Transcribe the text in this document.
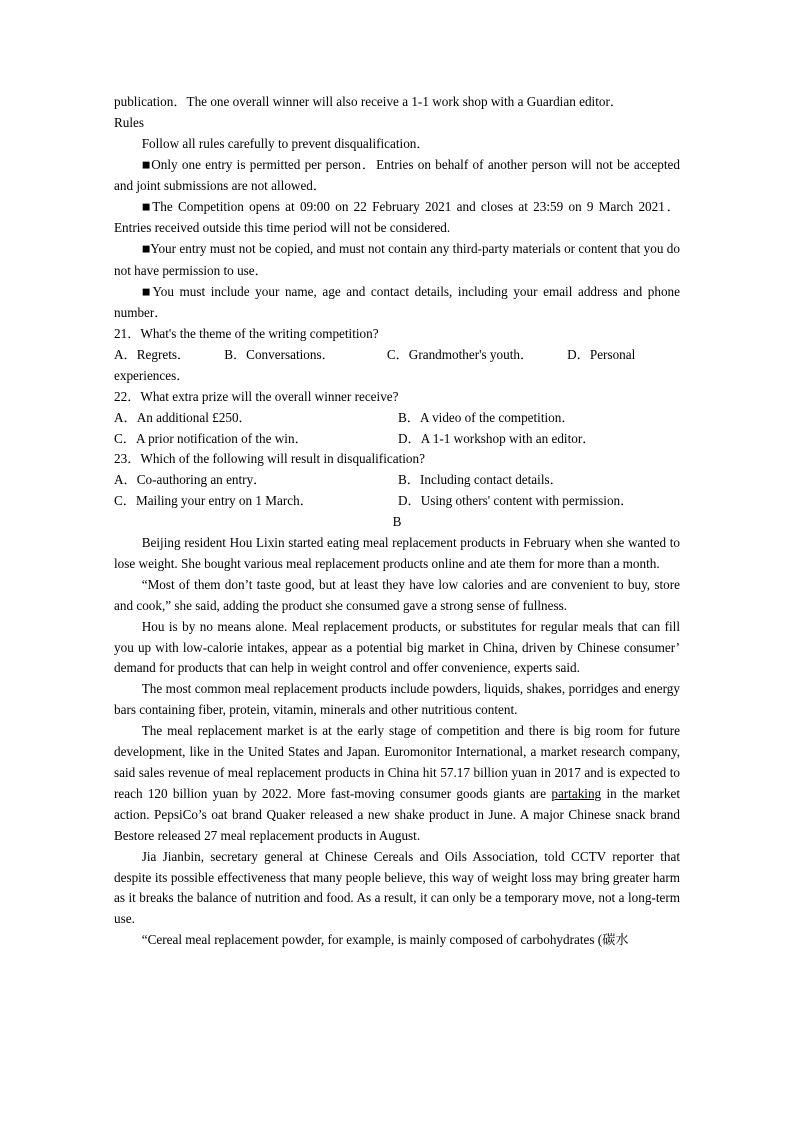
publication．The one overall winner will also receive a 1-1 work shop with a Guardian editor．

Rules

Follow all rules carefully to prevent disqualification．

■Only one entry is permitted per person．Entries on behalf of another person will not be accepted and joint submissions are not allowed．

■The Competition opens at 09:00 on 22 February 2021 and closes at 23:59 on 9 March 2021．Entries received outside this time period will not be considered.

■Your entry must not be copied, and must not contain any third-party materials or content that you do not have permission to use．

■You must include your name, age and contact details, including your email address and phone number．

21．What's the theme of the writing competition?

A．Regrets．	B．Conversations．	C．Grandmother's youth．	D．Personal

experiences．

22．What extra prize will the overall winner receive?

A．An additional £250．	B．A video of the competition．

C．A prior notification of the win．	D．A 1-1 workshop with an editor．

23．Which of the following will result in disqualification?

A．Co-authoring an entry．	B．Including contact details．

C．Mailing your entry on 1 March．	D．Using others' content with permission．

B

Beijing resident Hou Lixin started eating meal replacement products in February when she wanted to lose weight. She bought various meal replacement products online and ate them for more than a month.

“Most of them don’t taste good, but at least they have low calories and are convenient to buy, store and cook,” she said, adding the product she consumed gave a strong sense of fullness.

Hou is by no means alone. Meal replacement products, or substitutes for regular meals that can fill you up with low-calorie intakes, appear as a potential big market in China, driven by Chinese consumer’ demand for products that can help in weight control and offer convenience, experts said.

The most common meal replacement products include powders, liquids, shakes, porridges and energy bars containing fiber, protein, vitamin, minerals and other nutritious content.

The meal replacement market is at the early stage of competition and there is big room for future development, like in the United States and Japan. Euromonitor International, a market research company, said sales revenue of meal replacement products in China hit 57.17 billion yuan in 2017 and is expected to reach 120 billion yuan by 2022. More fast-moving consumer goods giants are partaking in the market action. PepsiCo’s oat brand Quaker released a new shake product in June. A major Chinese snack brand Bestore released 27 meal replacement products in August.

Jia Jianbin, secretary general at Chinese Cereals and Oils Association, told CCTV reporter that despite its possible effectiveness that many people believe, this way of weight loss may bring greater harm as it breaks the balance of nutrition and food. As a result, it can only be a temporary move, not a long-term use.

“Cereal meal replacement powder, for example, is mainly composed of carbohydrates (碳水
